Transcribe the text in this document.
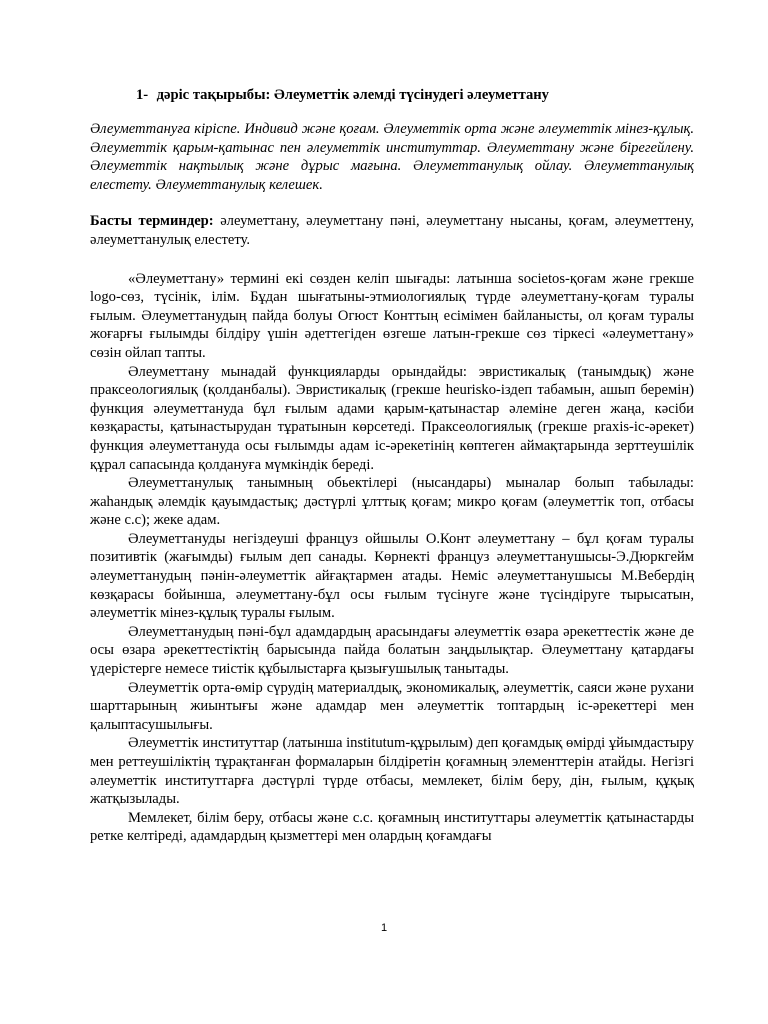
1- дәріс тақырыбы: Әлеуметтік әлемді түсінудегі әлеуметтану

Әлеуметтануға кіріспе. Индивид және қоғам. Әлеуметтік орта және әлеуметтік мінез-құлық. Әлеуметтік қарым-қатынас пен әлеуметтік институттар. Әлеуметтану және бірегейлену. Әлеуметтік нақтылық және дұрыс мағына. Әлеуметтанулық ойлау. Әлеуметтанулық елестету. Әлеуметтанулық келешек.

Басты терминдер: әлеуметтану, әлеуметтану пәні, әлеуметтану нысаны, қоғам, әлеуметтену, әлеуметтанулық елестету.

«Әлеуметтану» термині екі сөзден келіп шығады: латынша societos-қоғам және грекше logo-сөз, түсінік, ілім. Бұдан шығатыны-этмиологиялық түрде әлеуметтану-қоғам туралы ғылым. Әлеуметтанудың пайда болуы Огюст Конттың есімімен байланысты, ол қоғам туралы жоғарғы ғылымды білдіру үшін әдеттегіден өзгеше латын-грекше сөз тіркесі «әлеуметтану» сөзін ойлап тапты.

Әлеуметтану мынадай функцияларды орындайды: эвристикалық (танымдық) және праксеологиялық (қолданбалы). Эвристикалық (грекше heurisko-іздеп табамын, ашып беремін) функция әлеуметтануда бұл ғылым адами қарым-қатынастар әлеміне деген жаңа, кәсіби көзқарасты, қатынастырудан тұратынын көрсетеді. Праксеологиялық (грекше praxis-іс-әрекет) функция әлеуметтануда осы ғылымды адам іс-әрекетінің көптеген аймақтарында зерттеушілік құрал сапасында қолдануға мүмкіндік береді.

Әлеуметтанулық танымның обьектілері (нысандары) мыналар болып табылады: жаһандық әлемдік қауымдастық; дәстүрлі ұлттық қоғам; микро қоғам (әлеуметтік топ, отбасы және с.с); жеке адам.

Әлеуметтануды негіздеуші француз ойшылы О.Конт әлеуметтану – бұл қоғам туралы позитивтік (жағымды) ғылым деп санады. Көрнекті француз әлеуметтанушысы-Э.Дюркгейм әлеуметтанудың пәнін-әлеуметтік айғақтармен атады. Неміс әлеуметтанушысы М.Вебердің көзқарасы бойынша, әлеуметтану-бұл осы ғылым түсінуге және түсіндіруге тырысатын, әлеуметтік мінез-құлық туралы ғылым.

Әлеуметтанудың пәні-бұл адамдардың арасындағы әлеуметтік өзара әрекеттестік және де осы өзара әрекеттестіктің барысында пайда болатын заңдылықтар. Әлеуметтану қатардағы үдерістерге немесе тиістік құбылыстарға қызығушылық танытады.

Әлеуметтік орта-өмір сүрудің материалдық, экономикалық, әлеуметтік, саяси және рухани шарттарының жиынтығы және адамдар мен әлеуметтік топтардың іс-әрекеттері мен қалыптасушылығы.

Әлеуметтік институттар (латынша institutum-құрылым) деп қоғамдық өмірді ұйымдастыру мен реттеушіліктің тұрақтанған формаларын білдіретін қоғамның элементтерін атайды. Негізгі әлеуметтік институттарға дәстүрлі түрде отбасы, мемлекет, білім беру, дін, ғылым, құқық жатқызылады.

Мемлекет, білім беру, отбасы және с.с. қоғамның институттары әлеуметтік қатынастарды ретке келтіреді, адамдардың қызметтері мен олардың қоғамдағы

1
